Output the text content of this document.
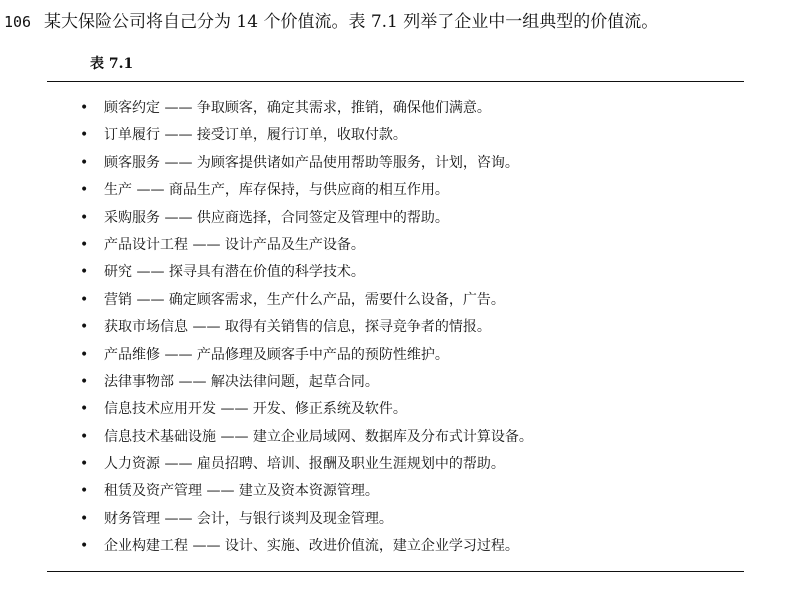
106 某大保险公司将自己分为 14 个价值流。表 7.1 列举了企业中一组典型的价值流。
表 7.1
• 顾客约定 —— 争取顾客，确定其需求，推销，确保他们满意。
• 订单履行 —— 接受订单，履行订单，收取付款。
• 顾客服务 —— 为顾客提供诸如产品使用帮助等服务，计划，咨询。
• 生产 —— 商品生产，库存保持，与供应商的相互作用。
• 采购服务 —— 供应商选择，合同签定及管理中的帮助。
• 产品设计工程 —— 设计产品及生产设备。
• 研究 —— 探寻具有潜在价值的科学技术。
• 营销 —— 确定顾客需求，生产什么产品，需要什么设备，广告。
• 获取市场信息 —— 取得有关销售的信息，探寻竞争者的情报。
• 产品维修 —— 产品修理及顾客手中产品的预防性维护。
• 法律事物部 —— 解决法律问题，起草合同。
• 信息技术应用开发 —— 开发、修正系统及软件。
• 信息技术基础设施 —— 建立企业局域网、数据库及分布式计算设备。
• 人力资源 —— 雇员招聘、培训、报酬及职业生涯规划中的帮助。
• 租赁及资产管理 —— 建立及资本资源管理。
• 财务管理 —— 会计，与银行谈判及现金管理。
• 企业构建工程 —— 设计、实施、改进价值流，建立企业学习过程。
